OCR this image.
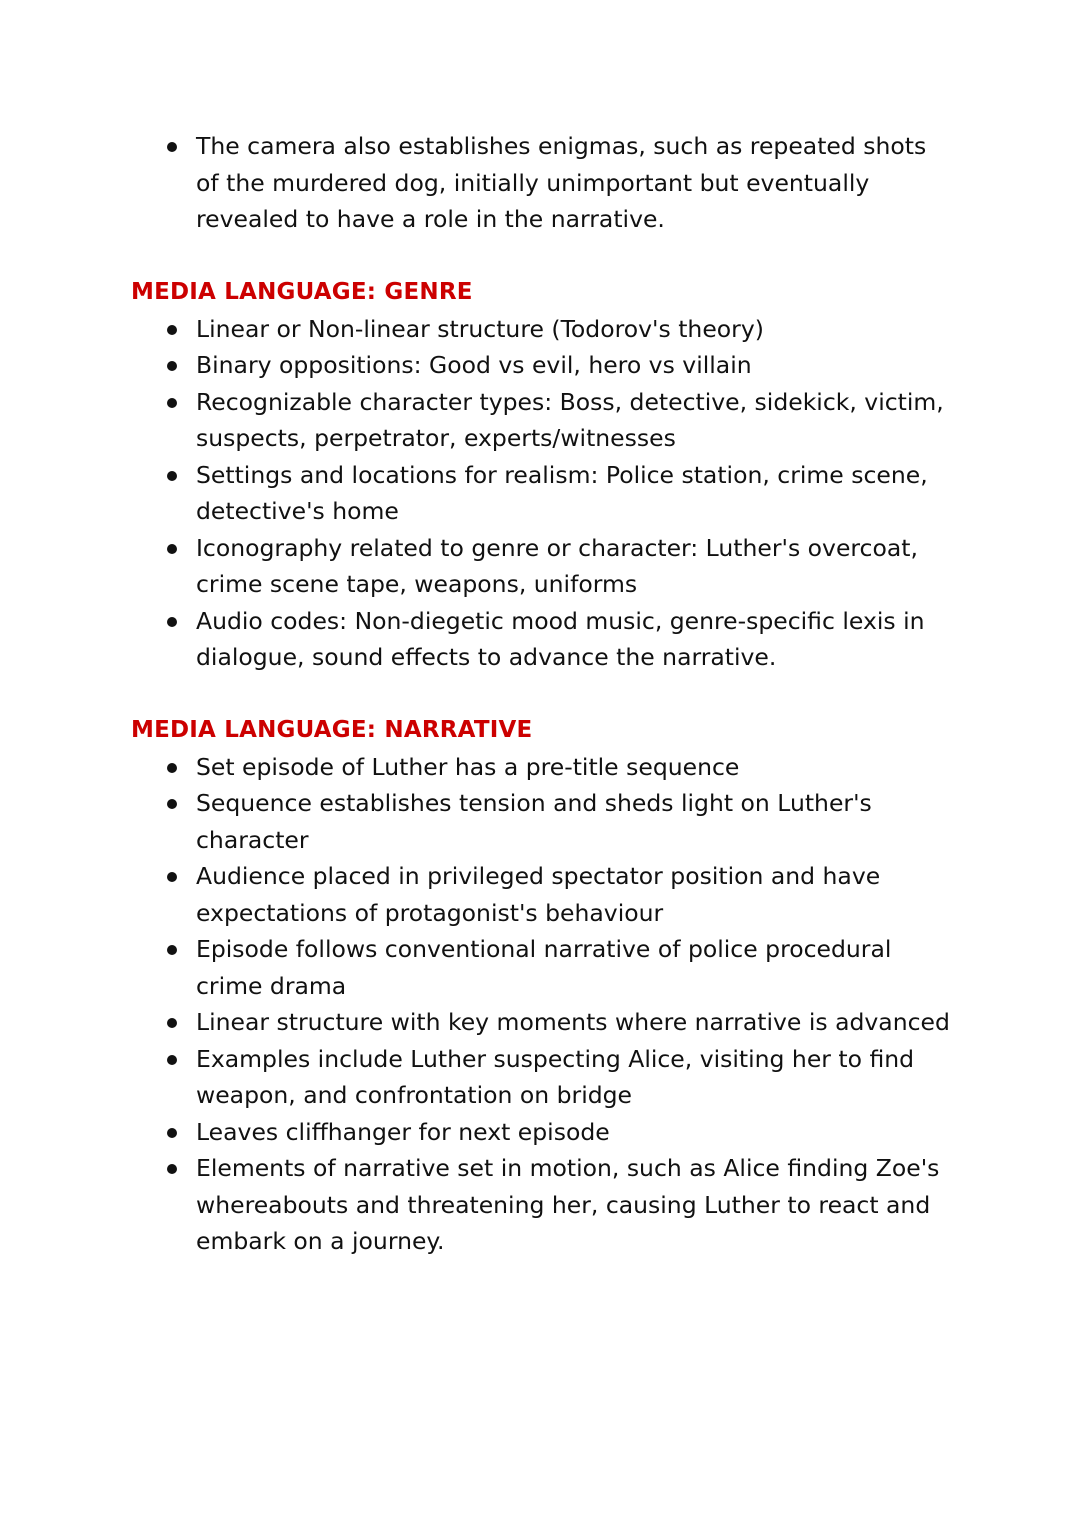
The camera also establishes enigmas, such as repeated shots of the murdered dog, initially unimportant but eventually revealed to have a role in the narrative.
MEDIA LANGUAGE: GENRE
Linear or Non-linear structure (Todorov's theory)
Binary oppositions: Good vs evil, hero vs villain
Recognizable character types: Boss, detective, sidekick, victim, suspects, perpetrator, experts/witnesses
Settings and locations for realism: Police station, crime scene, detective's home
Iconography related to genre or character: Luther's overcoat, crime scene tape, weapons, uniforms
Audio codes: Non-diegetic mood music, genre-specific lexis in dialogue, sound effects to advance the narrative.
MEDIA LANGUAGE: NARRATIVE
Set episode of Luther has a pre-title sequence
Sequence establishes tension and sheds light on Luther's character
Audience placed in privileged spectator position and have expectations of protagonist's behaviour
Episode follows conventional narrative of police procedural crime drama
Linear structure with key moments where narrative is advanced
Examples include Luther suspecting Alice, visiting her to find weapon, and confrontation on bridge
Leaves cliffhanger for next episode
Elements of narrative set in motion, such as Alice finding Zoe's whereabouts and threatening her, causing Luther to react and embark on a journey.
